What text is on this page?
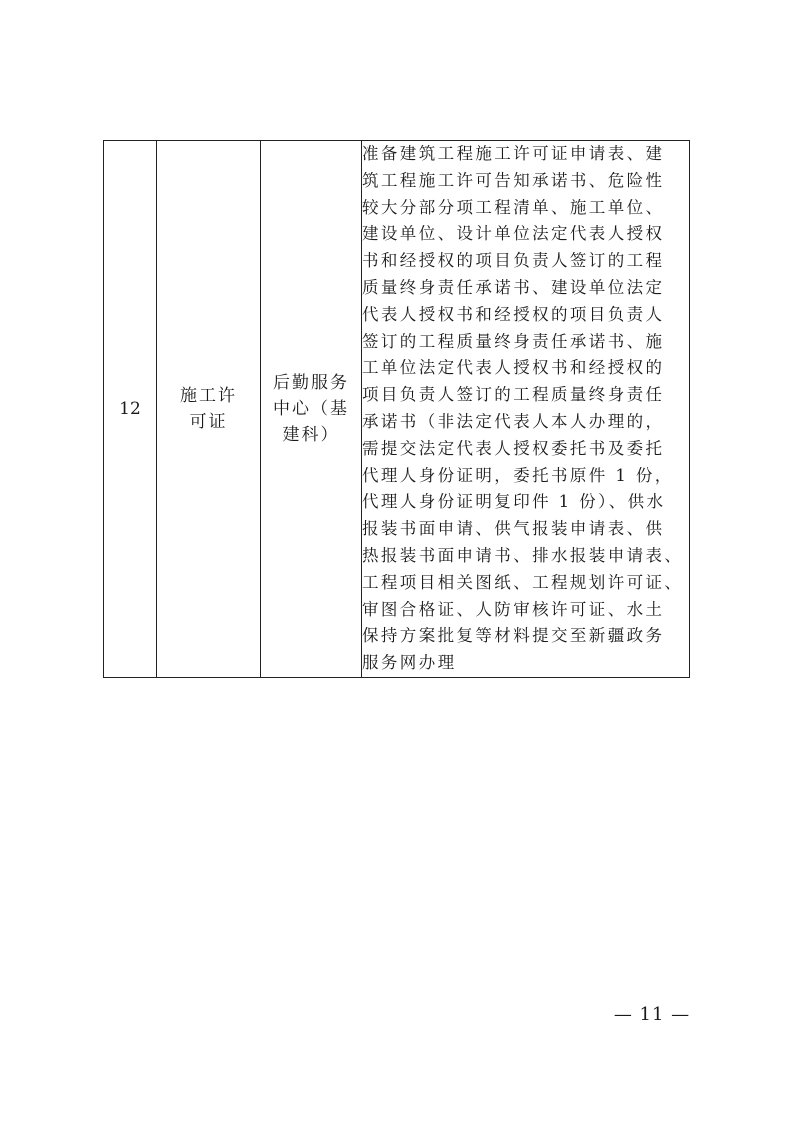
12	
施工许
可证

后勤服务
中心（基
建科）

准备建筑工程施工许可证申请表、建
筑工程施工许可告知承诺书、危险性
较大分部分项工程清单、施工单位、
建设单位、设计单位法定代表人授权
书和经授权的项目负责人签订的工程
质量终身责任承诺书、建设单位法定
代表人授权书和经授权的项目负责人
签订的工程质量终身责任承诺书、施
工单位法定代表人授权书和经授权的
项目负责人签订的工程质量终身责任
承诺书（非法定代表人本人办理的，
需提交法定代表人授权委托书及委托
代理人身份证明，委托书原件 1 份，
代理人身份证明复印件 1 份）、供水
报装书面申请、供气报装申请表、供
热报装书面申请书、排水报装申请表、
工程项目相关图纸、工程规划许可证、
审图合格证、人防审核许可证、水土
保持方案批复等材料提交至新疆政务
服务网办理
— 11 —
